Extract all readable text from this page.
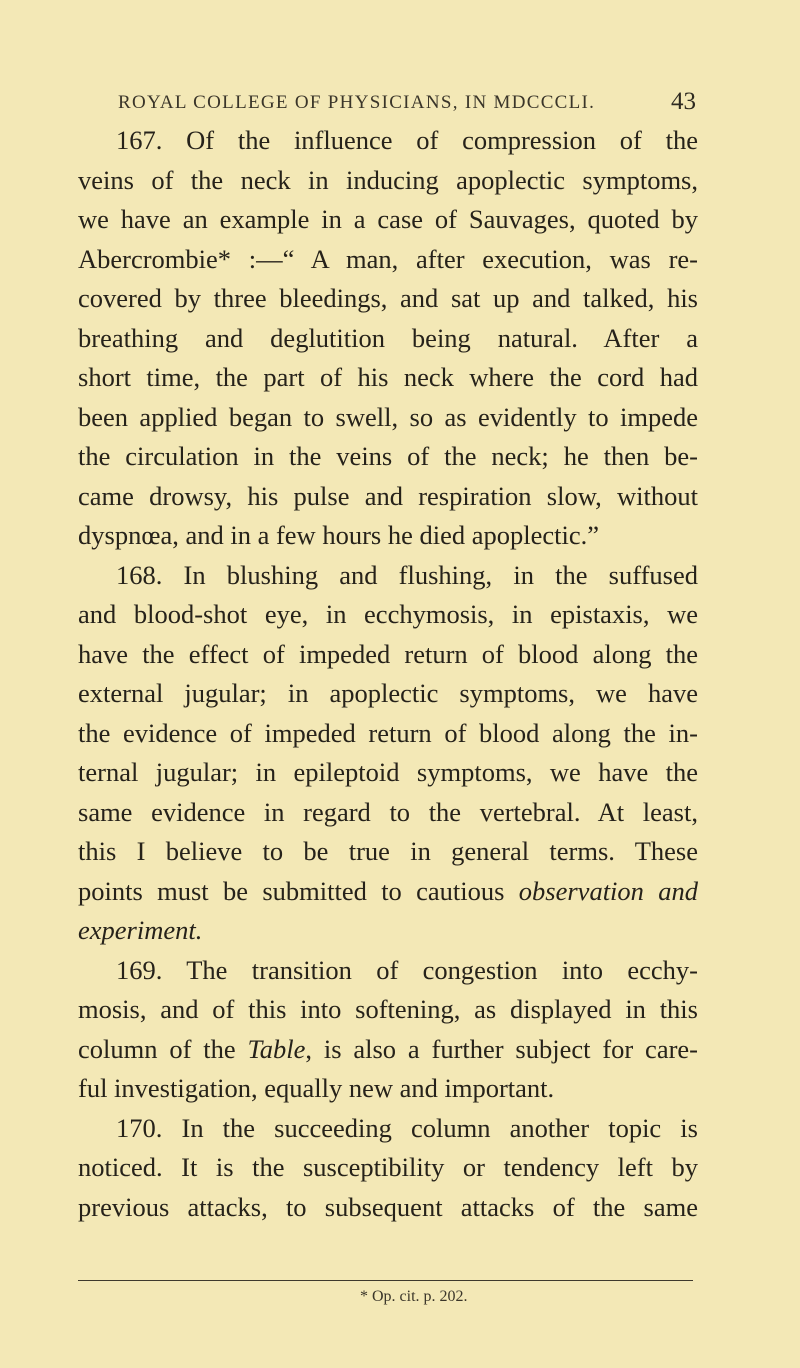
ROYAL COLLEGE OF PHYSICIANS, IN MDCCCLI.	43
167. Of the influence of compression of the
veins of the neck in inducing apoplectic symptoms,
we have an example in a case of Sauvages, quoted by
Abercrombie* :—“ A man, after execution, was re-
covered by three bleedings, and sat up and talked, his
breathing and deglutition being natural. After a
short time, the part of his neck where the cord had
been applied began to swell, so as evidently to impede
the circulation in the veins of the neck; he then be-
came drowsy, his pulse and respiration slow, without
dyspnœa, and in a few hours he died apoplectic.”
168. In blushing and flushing, in the suffused
and blood-shot eye, in ecchymosis, in epistaxis, we
have the effect of impeded return of blood along the
external jugular; in apoplectic symptoms, we have
the evidence of impeded return of blood along the in-
ternal jugular; in epileptoid symptoms, we have the
same evidence in regard to the vertebral. At least,
this I believe to be true in general terms. These
points must be submitted to cautious observation and
experiment.
169. The transition of congestion into ecchy-
mosis, and of this into softening, as displayed in this
column of the Table, is also a further subject for care-
ful investigation, equally new and important.
170. In the succeeding column another topic is
noticed. It is the susceptibility or tendency left by
previous attacks, to subsequent attacks of the same
* Op. cit. p. 202.
